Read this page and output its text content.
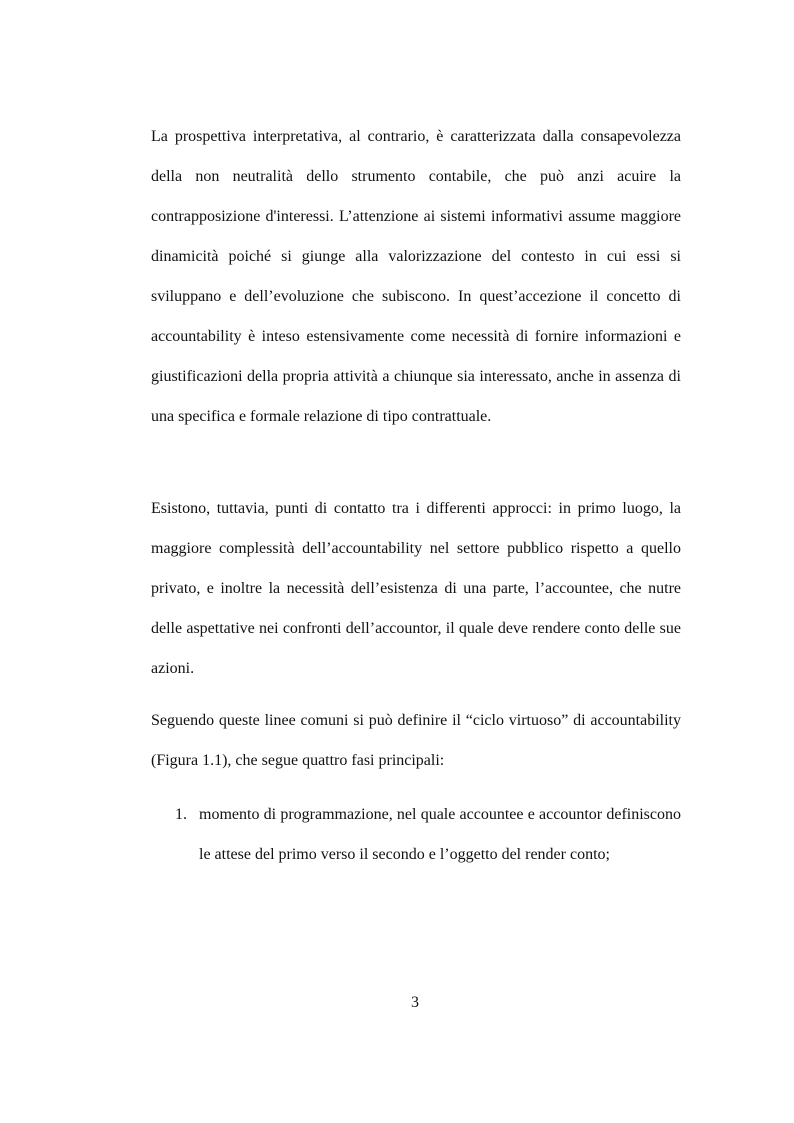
La prospettiva interpretativa, al contrario, è caratterizzata dalla consapevolezza della non neutralità dello strumento contabile, che può anzi acuire la contrapposizione d'interessi. L’attenzione ai sistemi informativi assume maggiore dinamicità poiché si giunge alla valorizzazione del contesto in cui essi si sviluppano e dell’evoluzione che subiscono. In quest’accezione il concetto di accountability è inteso estensivamente come necessità di fornire informazioni e giustificazioni della propria attività a chiunque sia interessato, anche in assenza di una specifica e formale relazione di tipo contrattuale.

Esistono, tuttavia, punti di contatto tra i differenti approcci: in primo luogo, la maggiore complessità dell’accountability nel settore pubblico rispetto a quello privato, e inoltre la necessità dell’esistenza di una parte, l’accountee, che nutre delle aspettative nei confronti dell’accountor, il quale deve rendere conto delle sue azioni.

Seguendo queste linee comuni si può definire il “ciclo virtuoso” di accountability (Figura 1.1), che segue quattro fasi principali:

1. momento di programmazione, nel quale accountee e accountor definiscono le attese del primo verso il secondo e l’oggetto del render conto;
3
